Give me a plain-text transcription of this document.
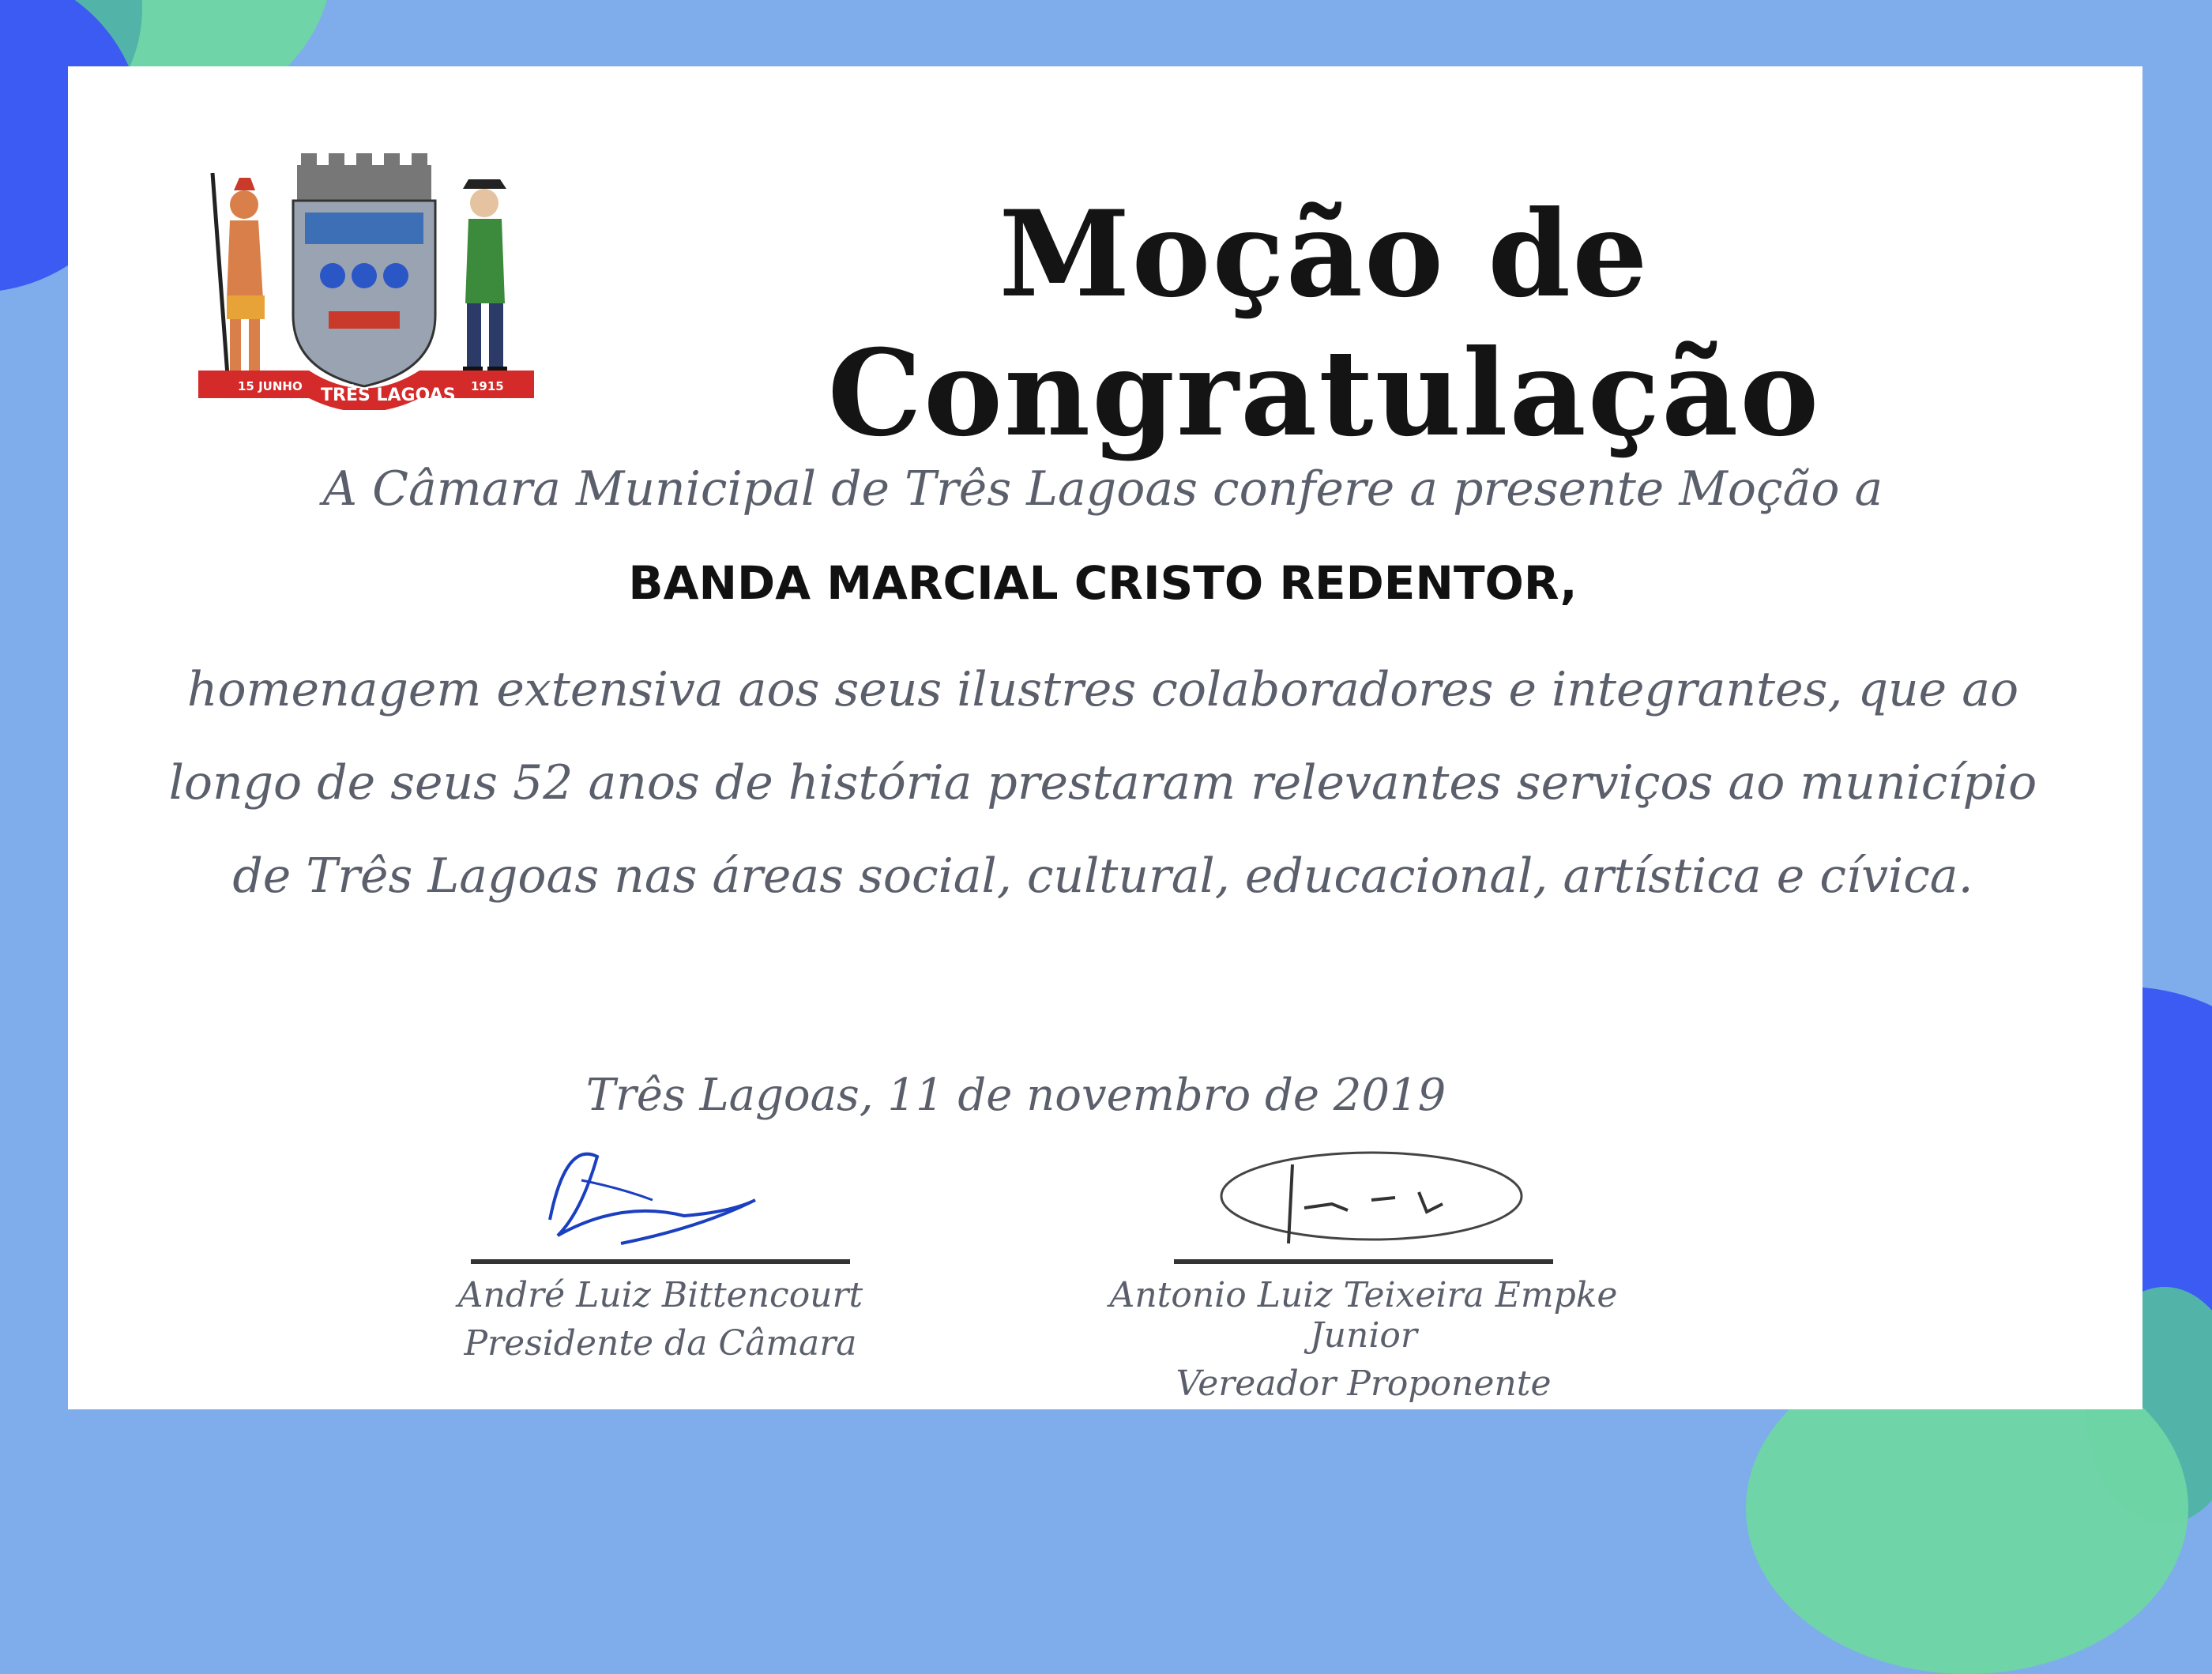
15 JUNHO TRÊS LAGOAS 1915
Moção de Congratulação
A Câmara Municipal de Três Lagoas confere a presente Moção a
BANDA MARCIAL CRISTO REDENTOR,
homenagem extensiva aos seus ilustres colaboradores e integrantes, que ao longo de seus 52 anos de história prestaram relevantes serviços ao município de Três Lagoas nas áreas social, cultural, educacional, artística e cívica.
Três Lagoas, 11 de novembro de 2019
André Luiz Bittencourt
Presidente da Câmara
Antonio Luiz Teixeira Empke Junior
Vereador Proponente
